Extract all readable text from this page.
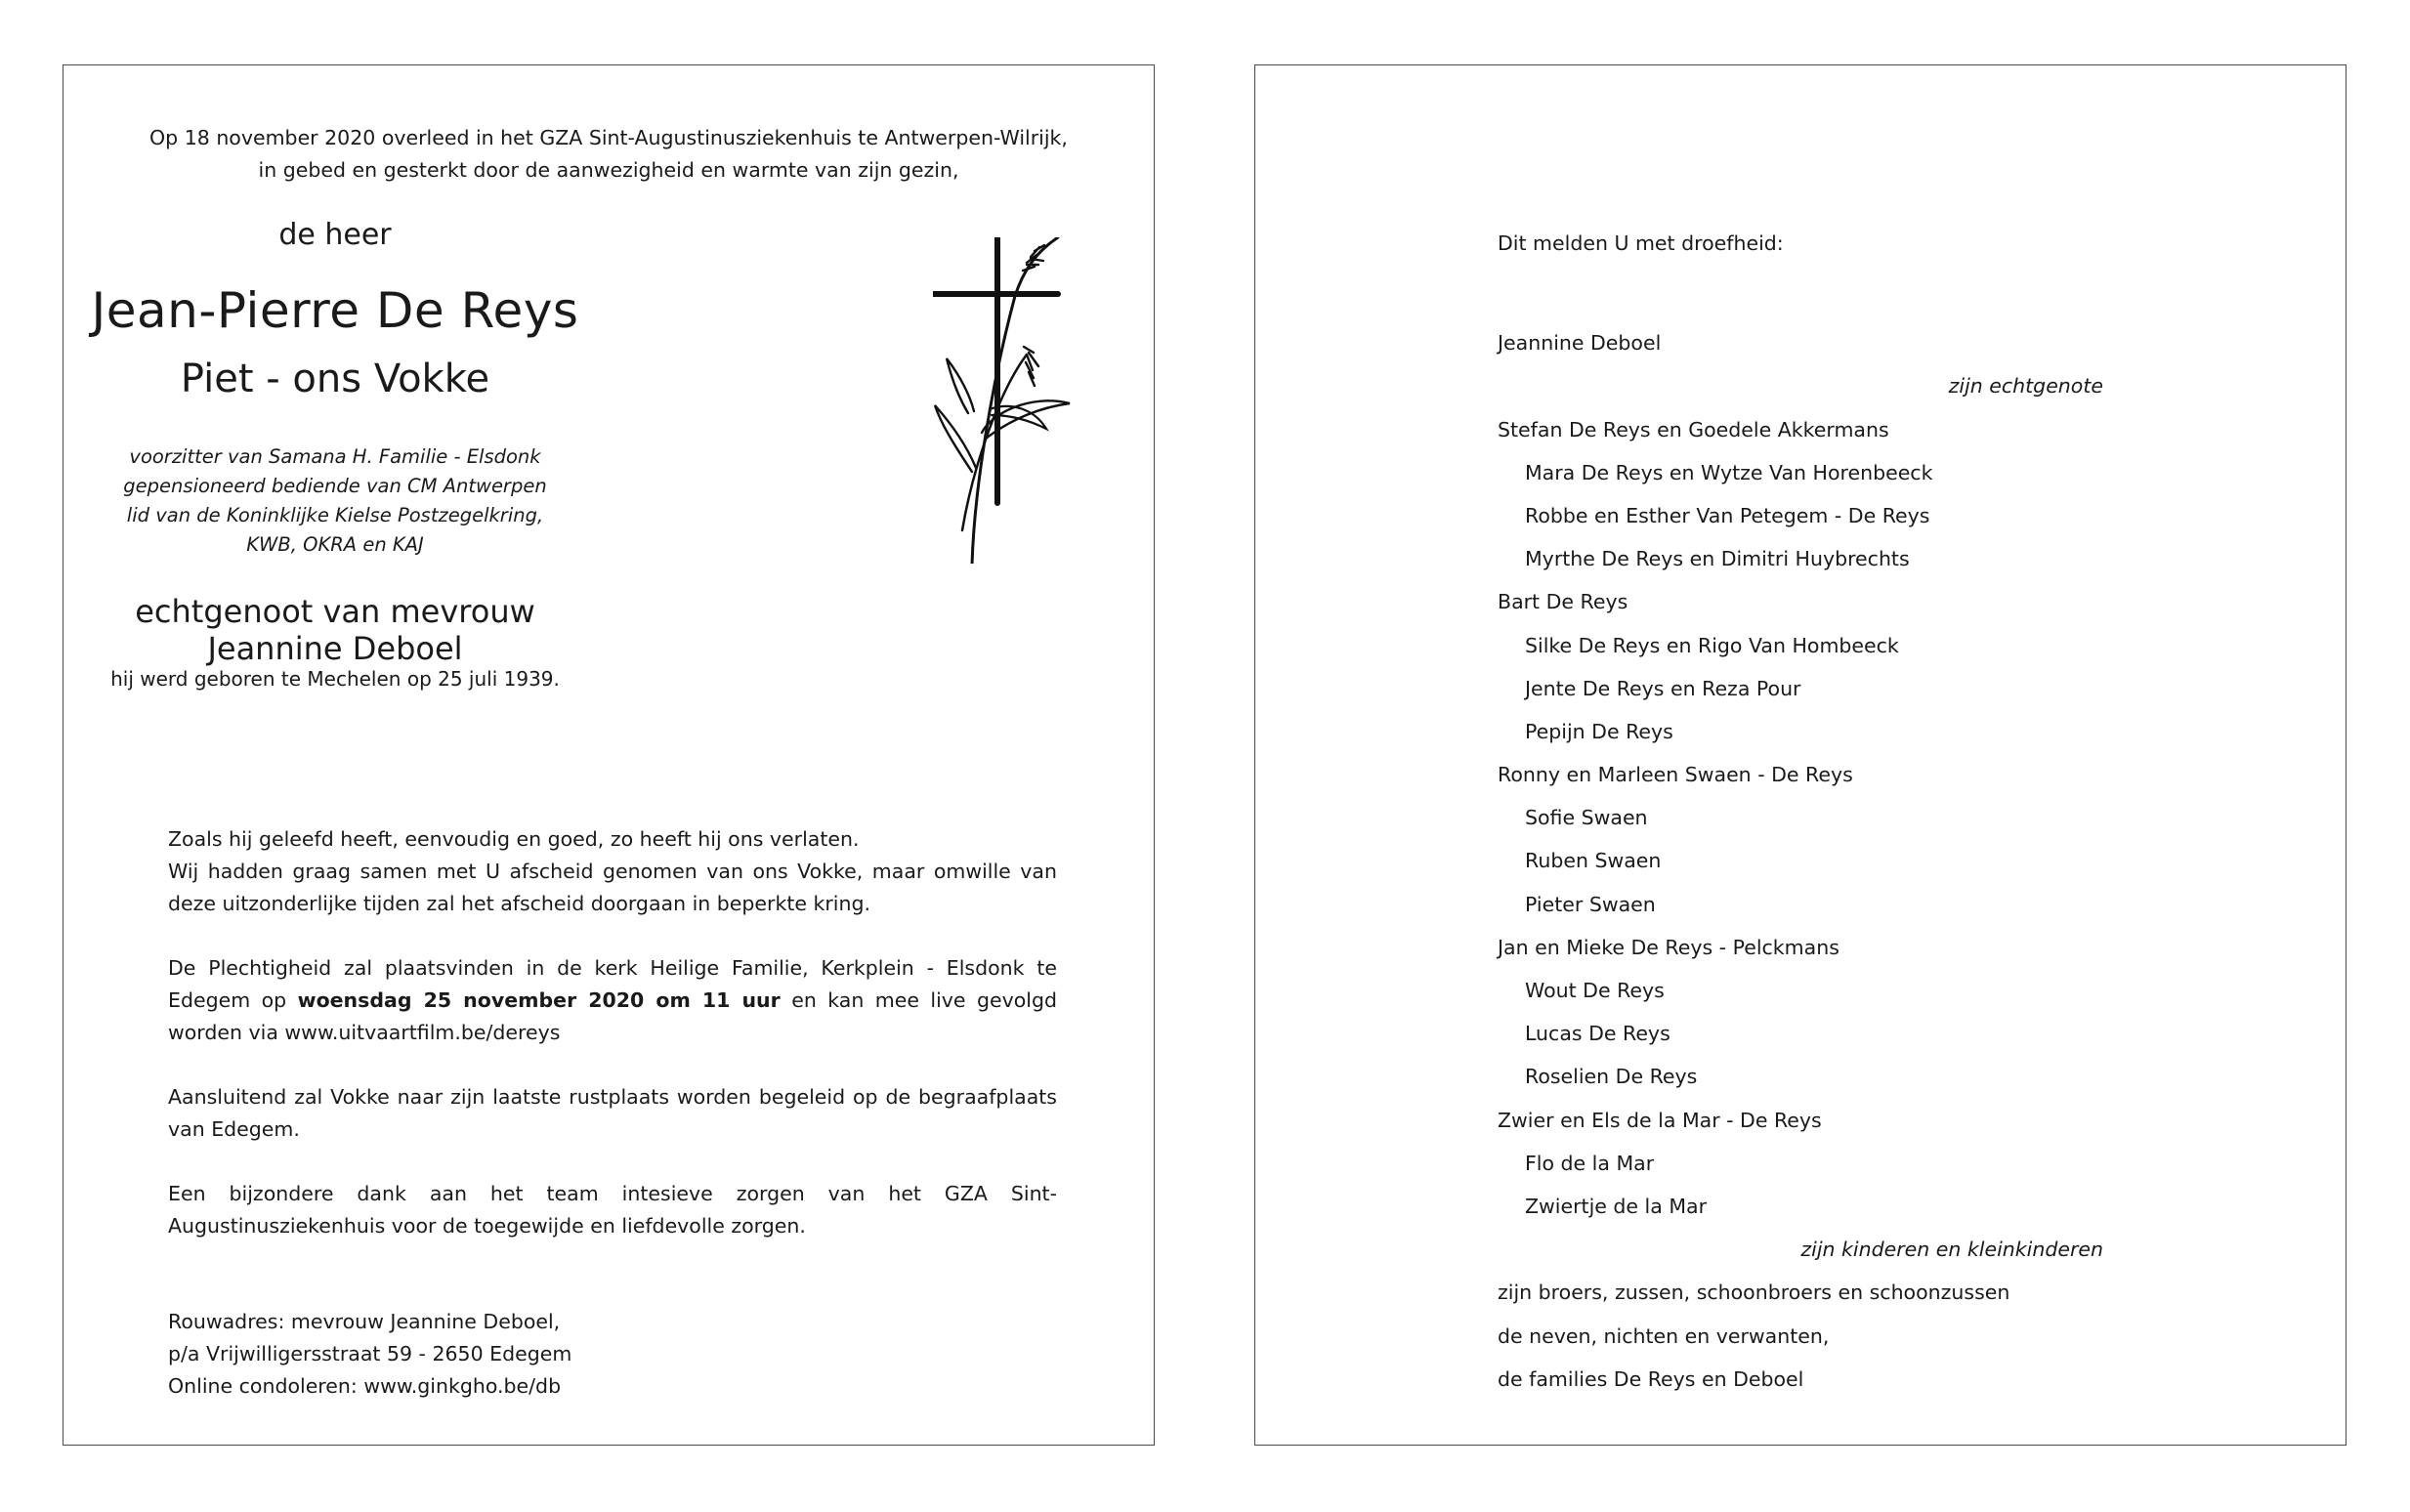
Op 18 november 2020 overleed in het GZA Sint-Augustinusziekenhuis te Antwerpen-Wilrijk,
in gebed en gesterkt door de aanwezigheid en warmte van zijn gezin,
de heer
Jean-Pierre De Reys
Piet - ons Vokke
voorzitter van Samana H. Familie - Elsdonk
gepensioneerd bediende van CM Antwerpen
lid van de Koninklijke Kielse Postzegelkring,
KWB, OKRA en KAJ
echtgenoot van mevrouw Jeannine Deboel
hij werd geboren te Mechelen op 25 juli 1939.
Zoals hij geleefd heeft, eenvoudig en goed, zo heeft hij ons verlaten.
Wij hadden graag samen met U afscheid genomen van ons Vokke, maar omwille van deze uitzonderlijke tijden zal het afscheid doorgaan in beperkte kring.
De Plechtigheid zal plaatsvinden in de kerk Heilige Familie, Kerkplein - Elsdonk te Edegem op woensdag 25 november 2020 om 11 uur en kan mee live gevolgd worden via www.uitvaartfilm.be/dereys
Aansluitend zal Vokke naar zijn laatste rustplaats worden begeleid op de begraafplaats van Edegem.
Een bijzondere dank aan het team intesieve zorgen van het GZA Sint-Augustinusziekenhuis voor de toegewijde en liefdevolle zorgen.
Rouwadres: mevrouw Jeannine Deboel,
p/a Vrijwilligersstraat 59 - 2650 Edegem
Online condoleren: www.ginkgho.be/db
Dit melden U met droefheid:
Jeannine Deboel
zijn echtgenote
Stefan De Reys en Goedele Akkermans
Mara De Reys en Wytze Van Horenbeeck
Robbe en Esther Van Petegem - De Reys
Myrthe De Reys en Dimitri Huybrechts
Bart De Reys
Silke De Reys en Rigo Van Hombeeck
Jente De Reys en Reza Pour
Pepijn De Reys
Ronny en Marleen Swaen - De Reys
Sofie Swaen
Ruben Swaen
Pieter Swaen
Jan en Mieke De Reys - Pelckmans
Wout De Reys
Lucas De Reys
Roselien De Reys
Zwier en Els de la Mar - De Reys
Flo de la Mar
Zwiertje de la Mar
zijn kinderen en kleinkinderen
zijn broers, zussen, schoonbroers en schoonzussen
de neven, nichten en verwanten,
de families De Reys en Deboel
